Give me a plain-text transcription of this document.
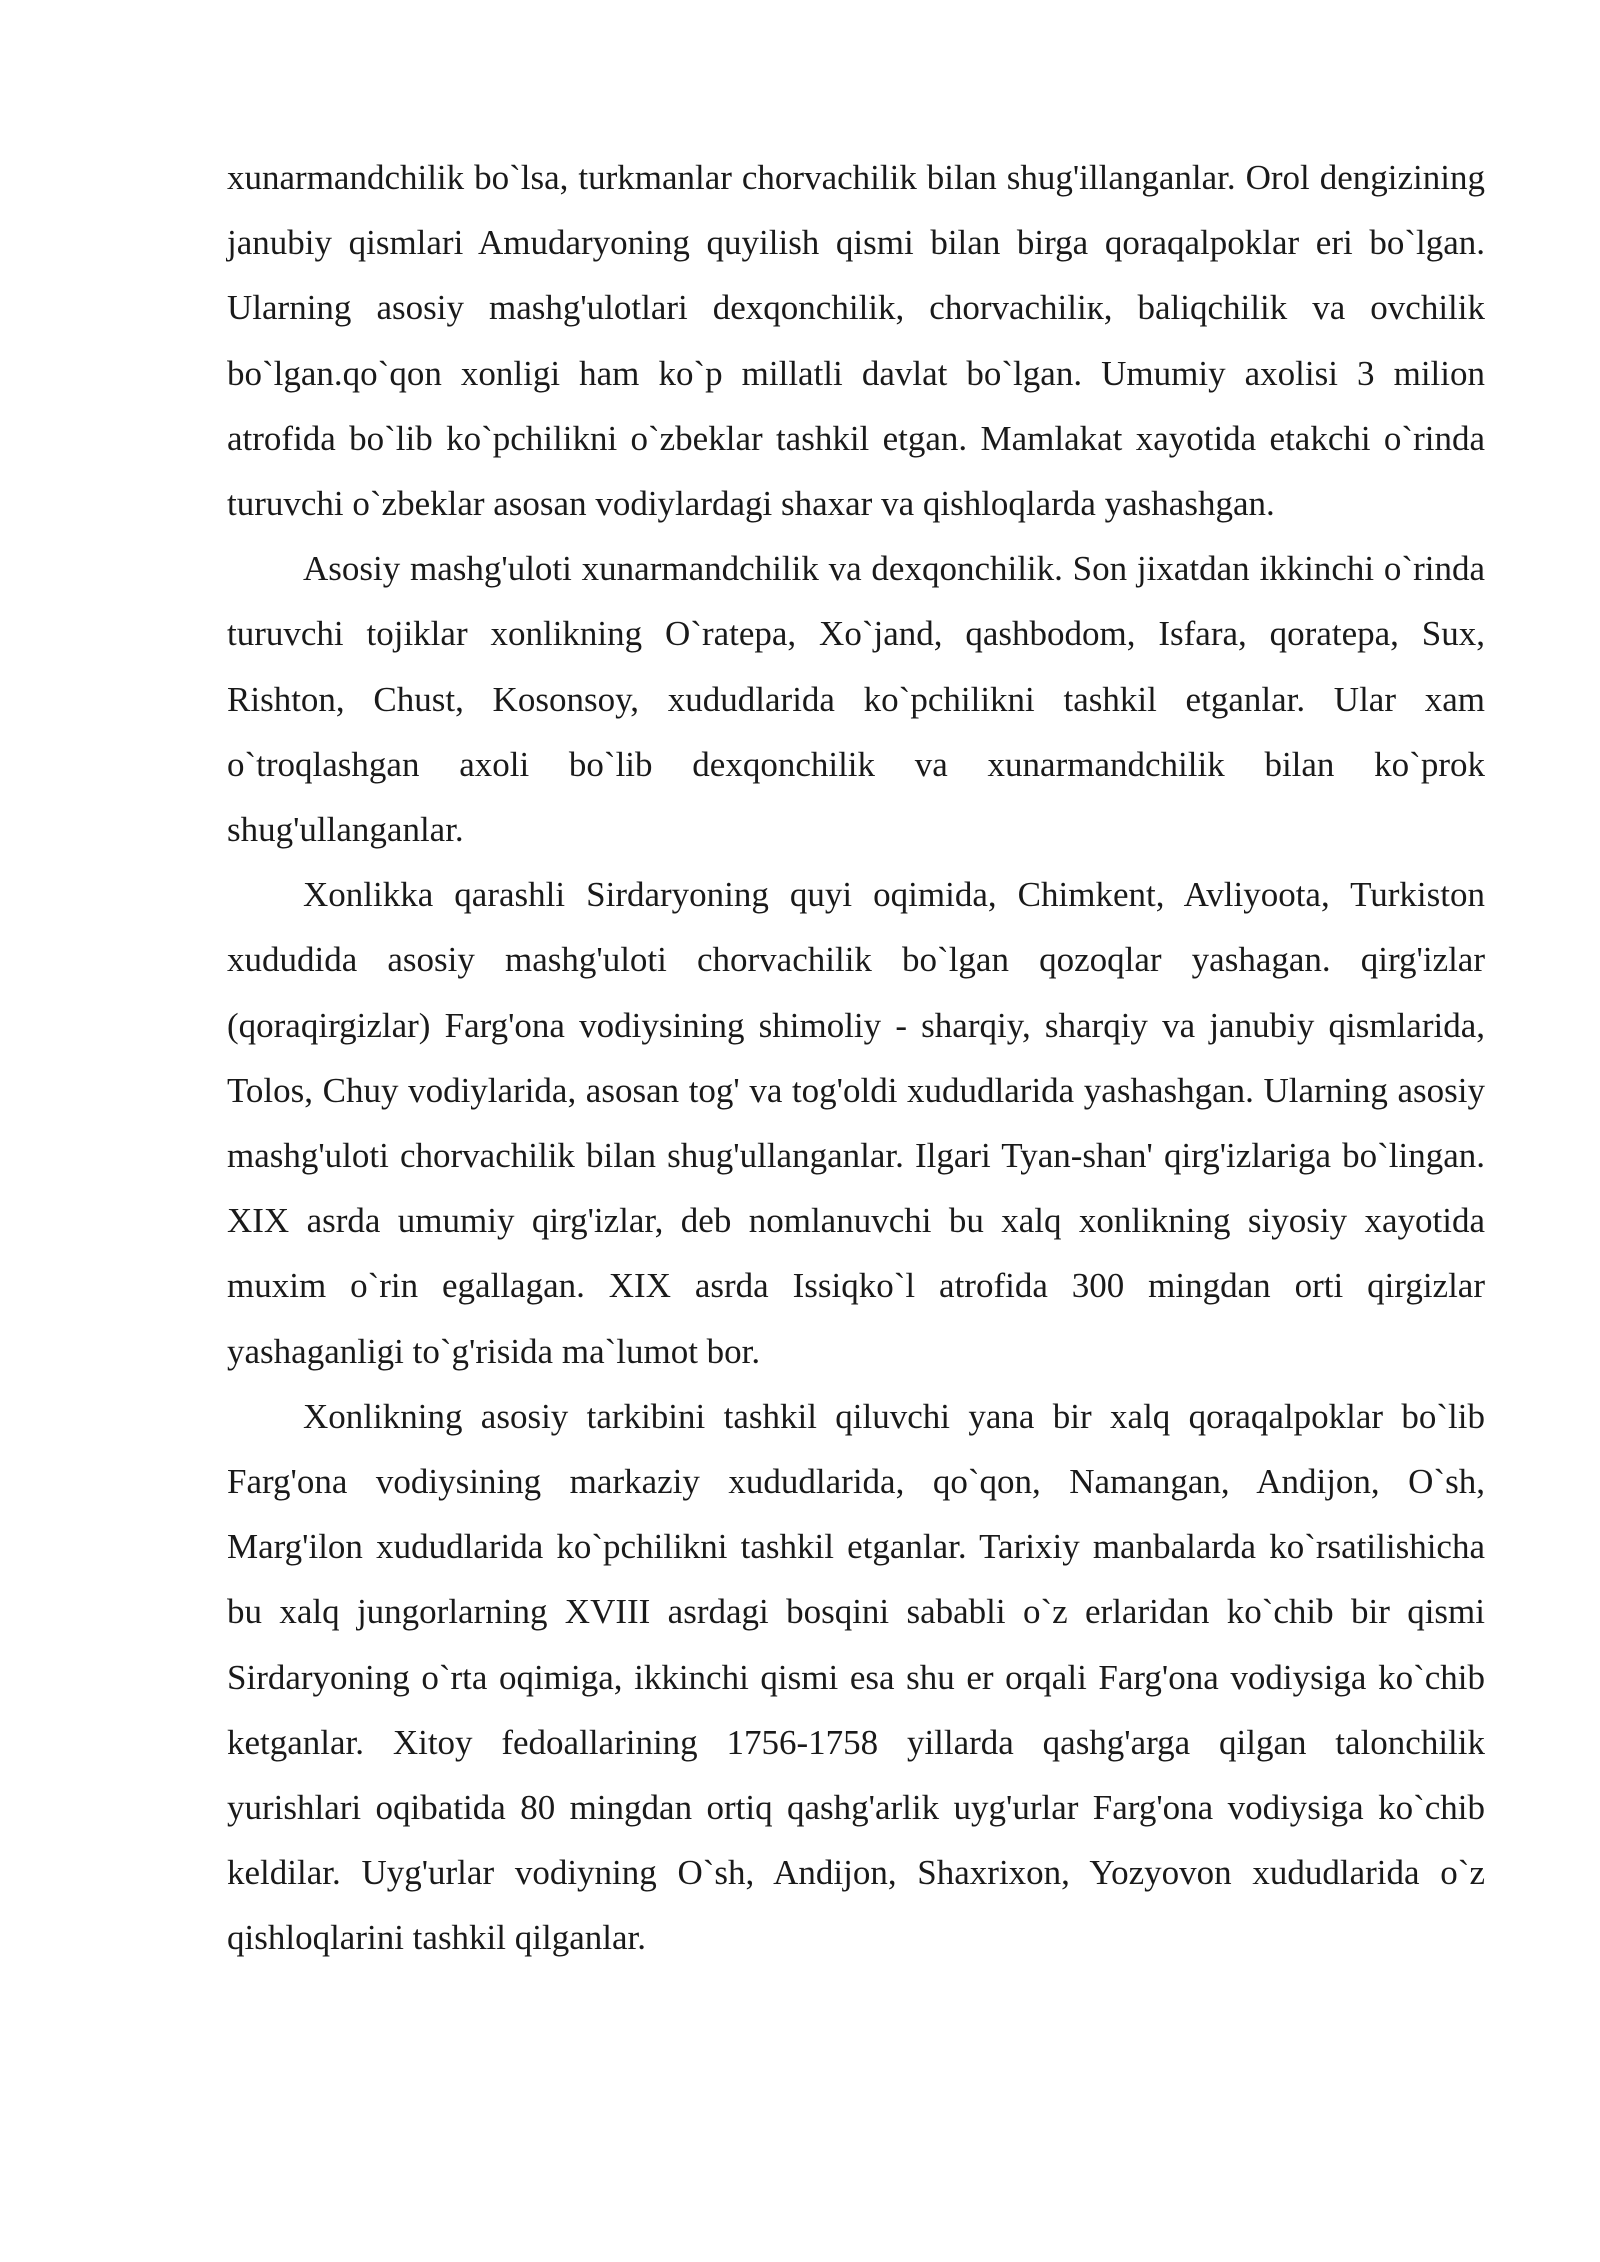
xunarmandchilik bo`lsa, turkmanlar chorvachilik bilan shug'illanganlar. Orol dengizining janubiy qismlari Amudaryoning quyilish qismi bilan birga qoraqalpoklar eri bo`lgan. Ularning asosiy mashg'ulotlari dexqonchilik, chorvachiliк, baliqchilik va ovchilik bo`lgan.qo`qon xonligi ham ko`p millatli davlat bo`lgan. Umumiy axolisi 3 milion atrofida bo`lib ko`pchilikni o`zbeklar tashkil etgan. Mamlakat xayotida etakchi o`rinda turuvchi o`zbeklar asosan vodiylardagi shaxar va qishloqlarda yashashgan.

Asosiy mashg'uloti xunarmandchilik va dexqonchilik. Son jixatdan ikkinchi o`rinda turuvchi tojiklar xonlikning O`ratepa, Xo`jand, qashbodom, Isfara, qoratepa, Sux, Rishton, Chust, Kosonsoy, xududlarida ko`pchilikni tashkil etganlar. Ular xam o`troqlashgan axoli bo`lib dexqonchilik va xunarmandchilik bilan ko`prok shug'ullanganlar.

Xonlikka qarashli Sirdaryoning quyi oqimida, Chimkent, Avliyoota, Turkiston xududida asosiy mashg'uloti chorvachilik bo`lgan qozoqlar yashagan. qirg'izlar (qoraqirgizlar) Farg'ona vodiysining shimoliy - sharqiy, sharqiy va janubiy qismlarida, Tolos, Chuy vodiylarida, asosan tog' va tog'oldi xududlarida yashashgan. Ularning asosiy mashg'uloti chorvachilik bilan shug'ullanganlar. Ilgari Tyan-shan' qirg'izlariga bo`lingan. XIX asrda umumiy qirg'izlar, deb nomlanuvchi bu xalq xonlikning siyosiy xayotida muxim o`rin egallagan. XIX asrda Issiqko`l atrofida 300 mingdan orti qirgizlar yashaganligi to`g'risida ma`lumot bor.

Xonlikning asosiy tarkibini tashkil qiluvchi yana bir xalq qoraqalpoklar bo`lib Farg'ona vodiysining markaziy xududlarida, qo`qon, Namangan, Andijon, O`sh, Marg'ilon xududlarida ko`pchilikni tashkil etganlar. Tarixiy manbalarda ko`rsatilishicha bu xalq jungorlarning XVIII asrdagi bosqini sababli o`z erlaridan ko`chib bir qismi Sirdaryoning o`rta oqimiga, ikkinchi qismi esa shu er orqali Farg'ona vodiysiga ko`chib ketganlar. Xitoy fedoallarining 1756-1758 yillarda qashg'arga qilgan talonchilik yurishlari oqibatida 80 mingdan ortiq qashg'arlik uyg'urlar Farg'ona vodiysiga ko`chib keldilar. Uyg'urlar vodiyning O`sh, Andijon, Shaxrixon, Yozyovon xududlarida o`z qishloqlarini tashkil qilganlar.
